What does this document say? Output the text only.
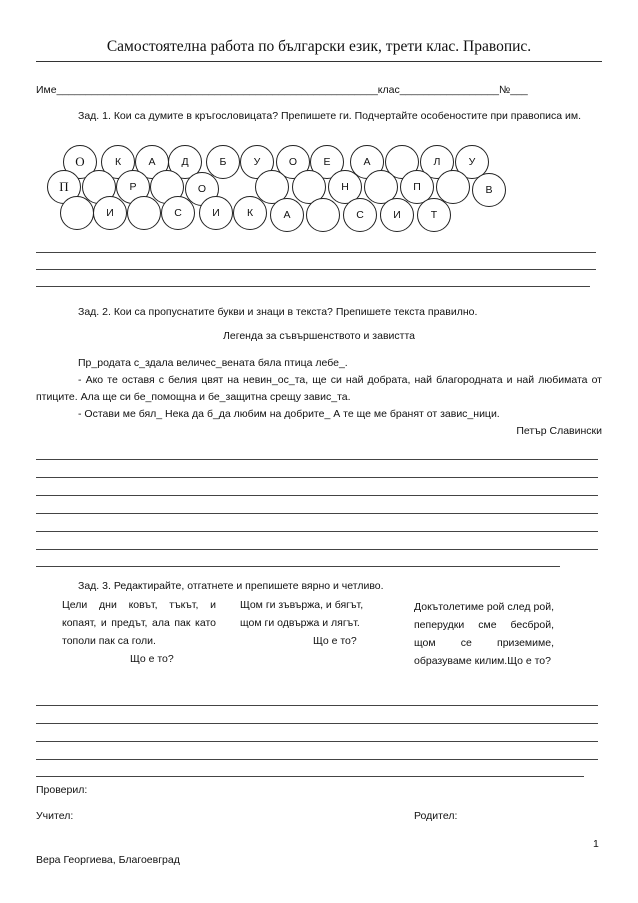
Самостоятелна работа по български език, трети клас. Правопис.
Име_______________________________________________________клас_________________№___
Зад. 1. Кои са думите в кръгословицата? Препишете ги. Подчертайте особеностите при правописа им.
О	К	А	Д	Б	У	О	Е	А	Л	У
П	Р	О	Н	П	В
И	С	И	К	А	С	И	Т
Зад. 2. Кои са пропуснатите букви и знаци в текста? Препишете текста правилно.
Легенда за съвършенството и завистта

Пр_родата с_здала величес_вената бяла птица лебе_.

- Ако те оставя с белия цвят на невин_ос_та, ще си най добрата, най благородната и най любимата от птиците. Ала ще си бе_помощна и бе_защитна срещу завис_та.

- Остави ме бял_ Нека да б_да любим на добрите_ А те ще ме бранят от завис_ници.

Петър Славински

Зад. 3. Редактирайте, отгатнете и препишете вярно и четливо.
Цели дни ковът, тъкът, и копаят, и предът, ала пак като тополи пак са голи.
Що е то?
Щом ги зъвържа, и бягът,
щом ги одвържа и лягът.
Що е то?
Докътолетиме рой след рой, пеперудки сме бесброй, щом се приземиме, образуваме килим.Що е то?
Проверил:
Учител:	Родител:
1
Вера Георгиева, Благоевград
